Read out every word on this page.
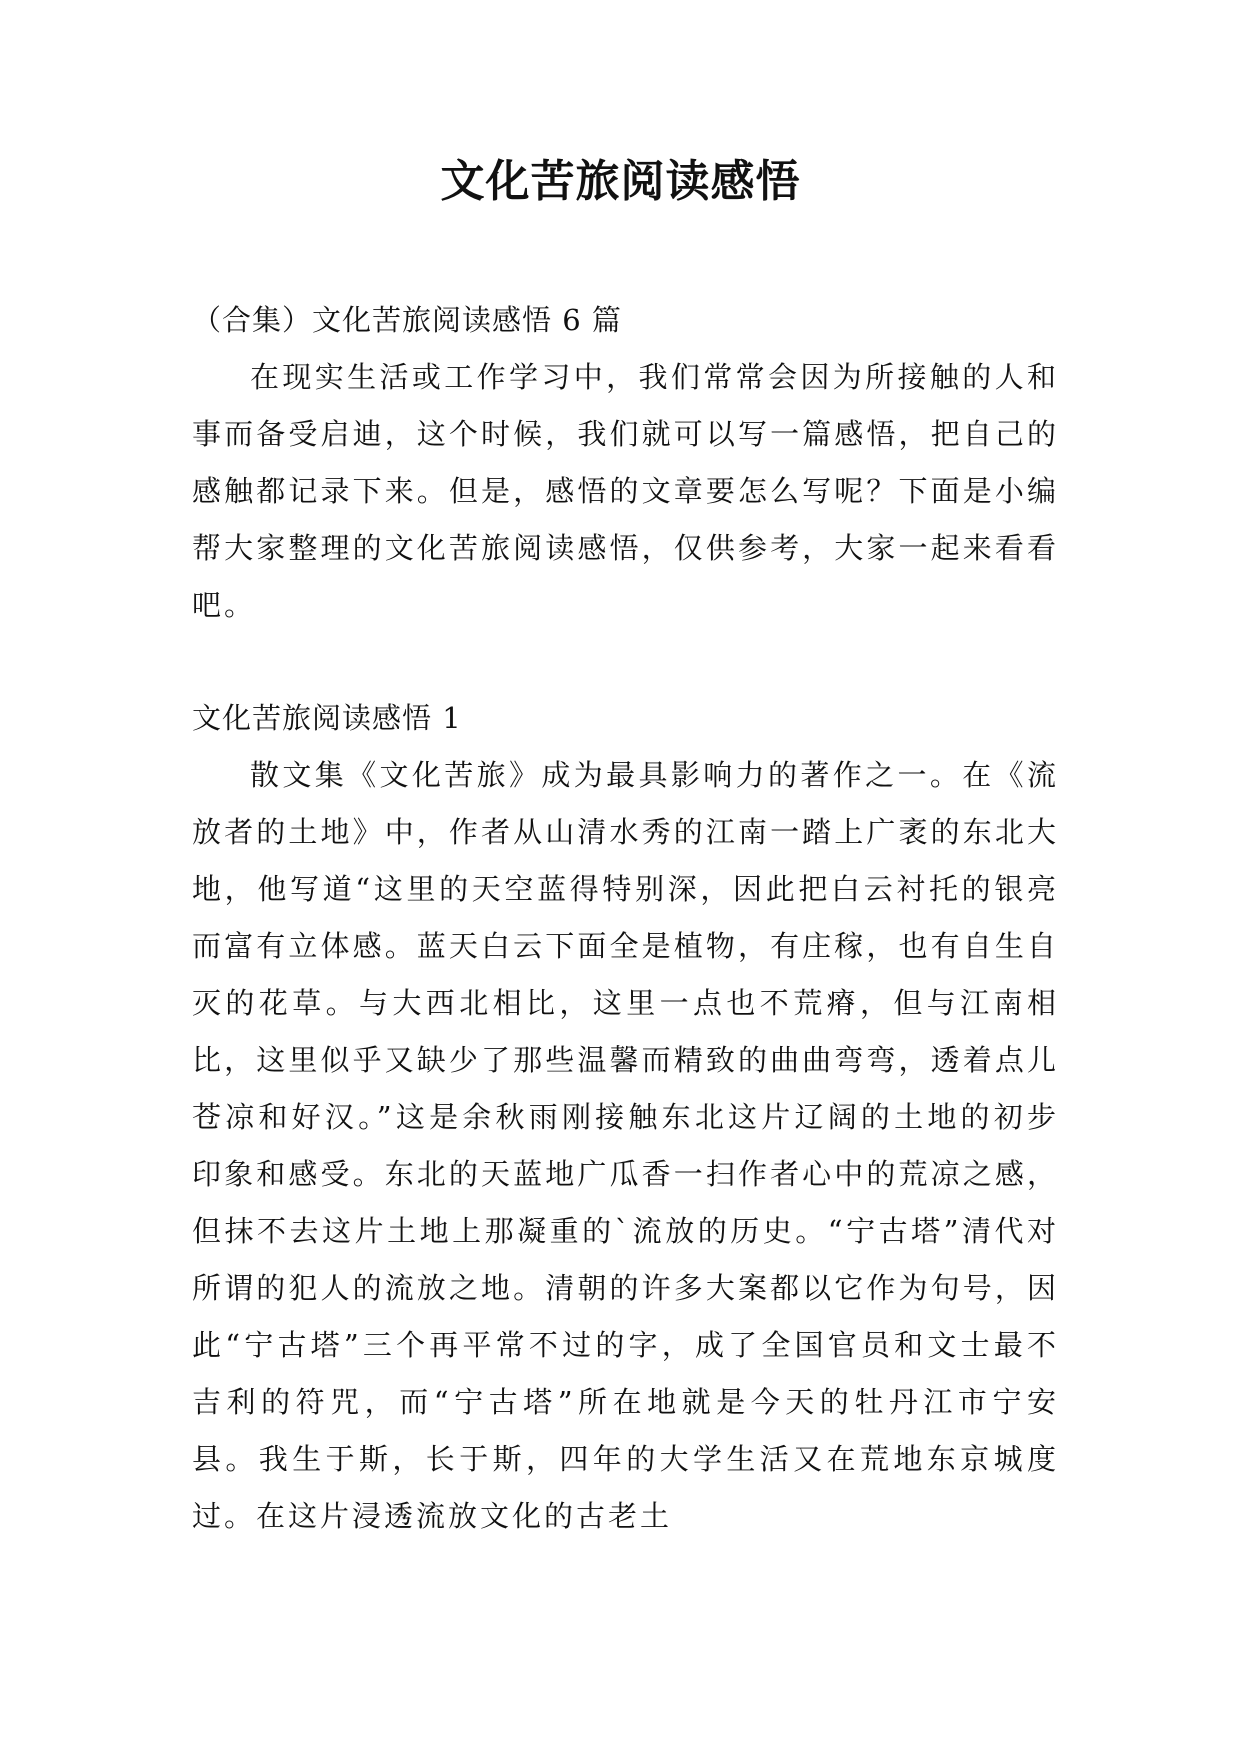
文化苦旅阅读感悟

（合集）文化苦旅阅读感悟 6 篇

在现实生活或工作学习中，我们常常会因为所接触的人和事而备受启迪，这个时候，我们就可以写一篇感悟，把自己的感触都记录下来。但是，感悟的文章要怎么写呢？下面是小编帮大家整理的文化苦旅阅读感悟，仅供参考，大家一起来看看吧。

文化苦旅阅读感悟 1

散文集《文化苦旅》成为最具影响力的著作之一。在《流放者的土地》中，作者从山清水秀的江南一踏上广袤的东北大地，他写道“这里的天空蓝得特别深，因此把白云衬托的银亮而富有立体感。蓝天白云下面全是植物，有庄稼，也有自生自灭的花草。与大西北相比，这里一点也不荒瘠，但与江南相比，这里似乎又缺少了那些温馨而精致的曲曲弯弯，透着点儿苍凉和好汉。”这是余秋雨刚接触东北这片辽阔的土地的初步印象和感受。东北的天蓝地广瓜香一扫作者心中的荒凉之感，但抹不去这片土地上那凝重的`流放的历史。“宁古塔”清代对所谓的犯人的流放之地。清朝的许多大案都以它作为句号，因此“宁古塔”三个再平常不过的字，成了全国官员和文士最不吉利的符咒，而“宁古塔”所在地就是今天的牡丹江市宁安县。我生于斯，长于斯，四年的大学生活又在荒地东京城度过。在这片浸透流放文化的古老土
